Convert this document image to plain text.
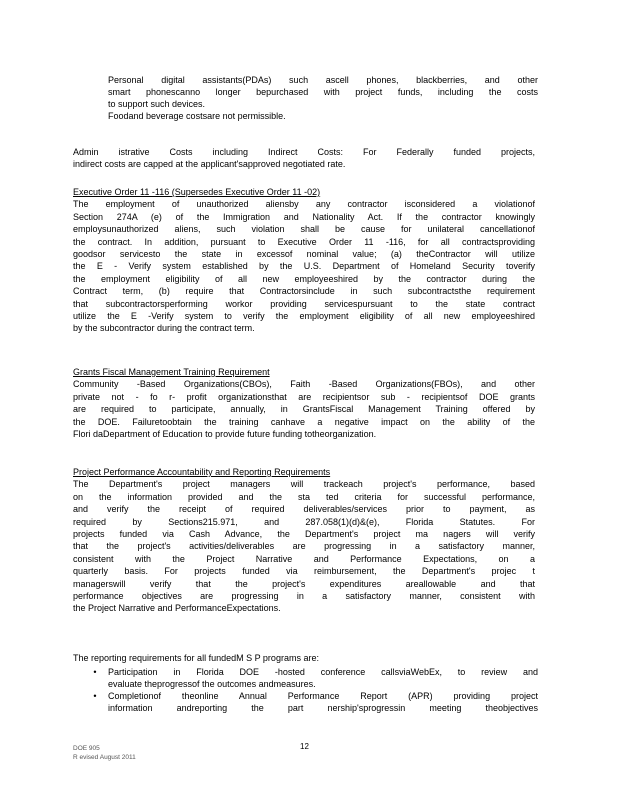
Personal digital assistants(PDAs) such ascell phones, blackberries, and other
smart phonescanno longer bepurchased with project funds, including the costs
to support such devices.
Foodand beverage costsare not permissible.
Admin istrative Costs including Indirect Costs: For Federally funded projects,
indirect costs are capped at the applicant'sapproved negotiated rate.
Executive Order 11 -116 (Supersedes Executive Order 11 -02)
The employment of unauthorized aliensby any contractor isconsidered a violationof
Section 274A (e) of the Immigration and Nationality Act. If the contractor knowingly
employsunauthorized aliens, such violation shall be cause for unilateral cancellationof
the contract. In addition, pursuant to Executive Order 11 -116, for all contractsproviding
goodsor servicesto the state in excessof nominal value; (a) theContractor will utilize
the E - Verify system established by the U.S. Department of Homeland Security toverify
the employment eligibility of all new employeeshired by the contractor during the
Contract term, (b) require that Contractorsinclude in such subcontractsthe requirement
that subcontractorsperforming workor providing servicespursuant to the state contract
utilize the E -Verify system to verify the employment eligibility of all new employeeshired
by the subcontractor during the contract term.
Grants Fiscal Management Training Requirement
Community -Based Organizations(CBOs), Faith -Based Organizations(FBOs), and other
private not - fo r- profit organizationsthat are recipientsor sub - recipientsof DOE grants
are required to participate, annually, in GrantsFiscal Management Training offered by
the DOE. Failuretoobtain the training canhave a negative impact on the ability of the
Flori daDepartment of Education to provide future funding totheorganization.
Project Performance Accountability and Reporting Requirements
The Department's project managers will trackeach project's performance, based
on the information provided and the sta ted criteria for successful performance,
and verify the receipt of required deliverables/services prior to payment, as
required by Sections215.971, and 287.058(1)(d)&(e), Florida Statutes. For
projects funded via Cash Advance, the Department's project ma nagers will verify
that the project's activities/deliverables are progressing in a satisfactory manner,
consistent with the Project Narrative and Performance Expectations, on a
quarterly basis. For projects funded via reimbursement, the Department's projec t
managerswill verify that the project's expenditures areallowable and that
performance objectives are progressing in a satisfactory manner, consistent with
the Project Narrative and PerformanceExpectations.
The reporting requirements for all fundedM S P programs are:
•	Participation in Florida DOE -hosted conference callsviaWebEx, to review and
evaluate theprogressof the outcomes andmeasures.
•	Completionof theonline Annual Performance Report (APR) providing project
information andreporting the part nership'sprogressin meeting theobjectives
DOE 905
R evised August 2011
12
